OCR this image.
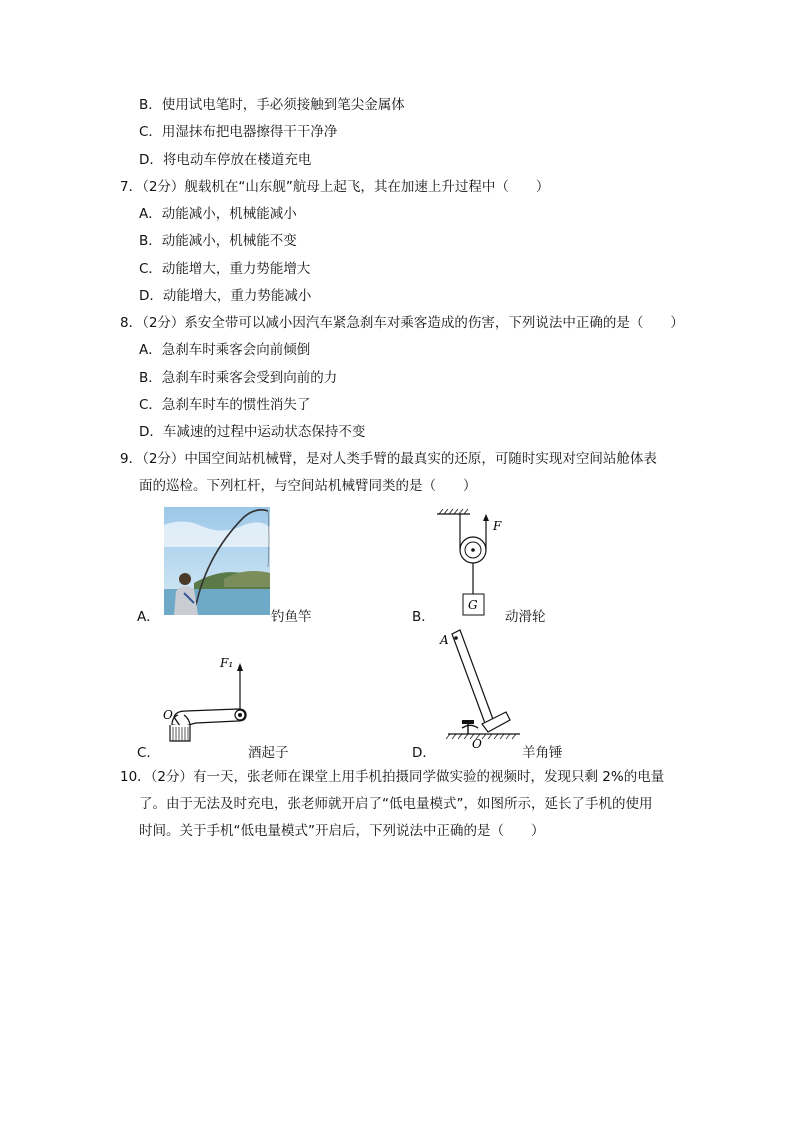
B．使用试电笔时，手必须接触到笔尖金属体
C．用湿抹布把电器擦得干干净净
D．将电动车停放在楼道充电
7．（2分）舰载机在“山东舰”航母上起飞，其在加速上升过程中（　　）
A．动能减小，机械能减小
B．动能减小，机械能不变
C．动能增大，重力势能增大
D．动能增大，重力势能减小
8．（2分）系安全带可以减小因汽车紧急刹车对乘客造成的伤害，下列说法中正确的是（　　）
A．急刹车时乘客会向前倾倒
B．急刹车时乘客会受到向前的力
C．急刹车时车的惯性消失了
D．车减速的过程中运动状态保持不变
9．（2分）中国空间站机械臂，是对人类手臂的最真实的还原，可随时实现对空间站舱体表
面的巡检。下列杠杆，与空间站机械臂同类的是（　　）
A．	钓鱼竿	B．
F
G
动滑轮
C．
F₁
O
酒起子	D．
A
O
羊角锤
10．（2分）有一天，张老师在课堂上用手机拍摄同学做实验的视频时，发现只剩 2%的电量
了。由于无法及时充电，张老师就开启了“低电量模式”，如图所示，延长了手机的使用
时间。关于手机“低电量模式”开启后，下列说法中正确的是（　　）
